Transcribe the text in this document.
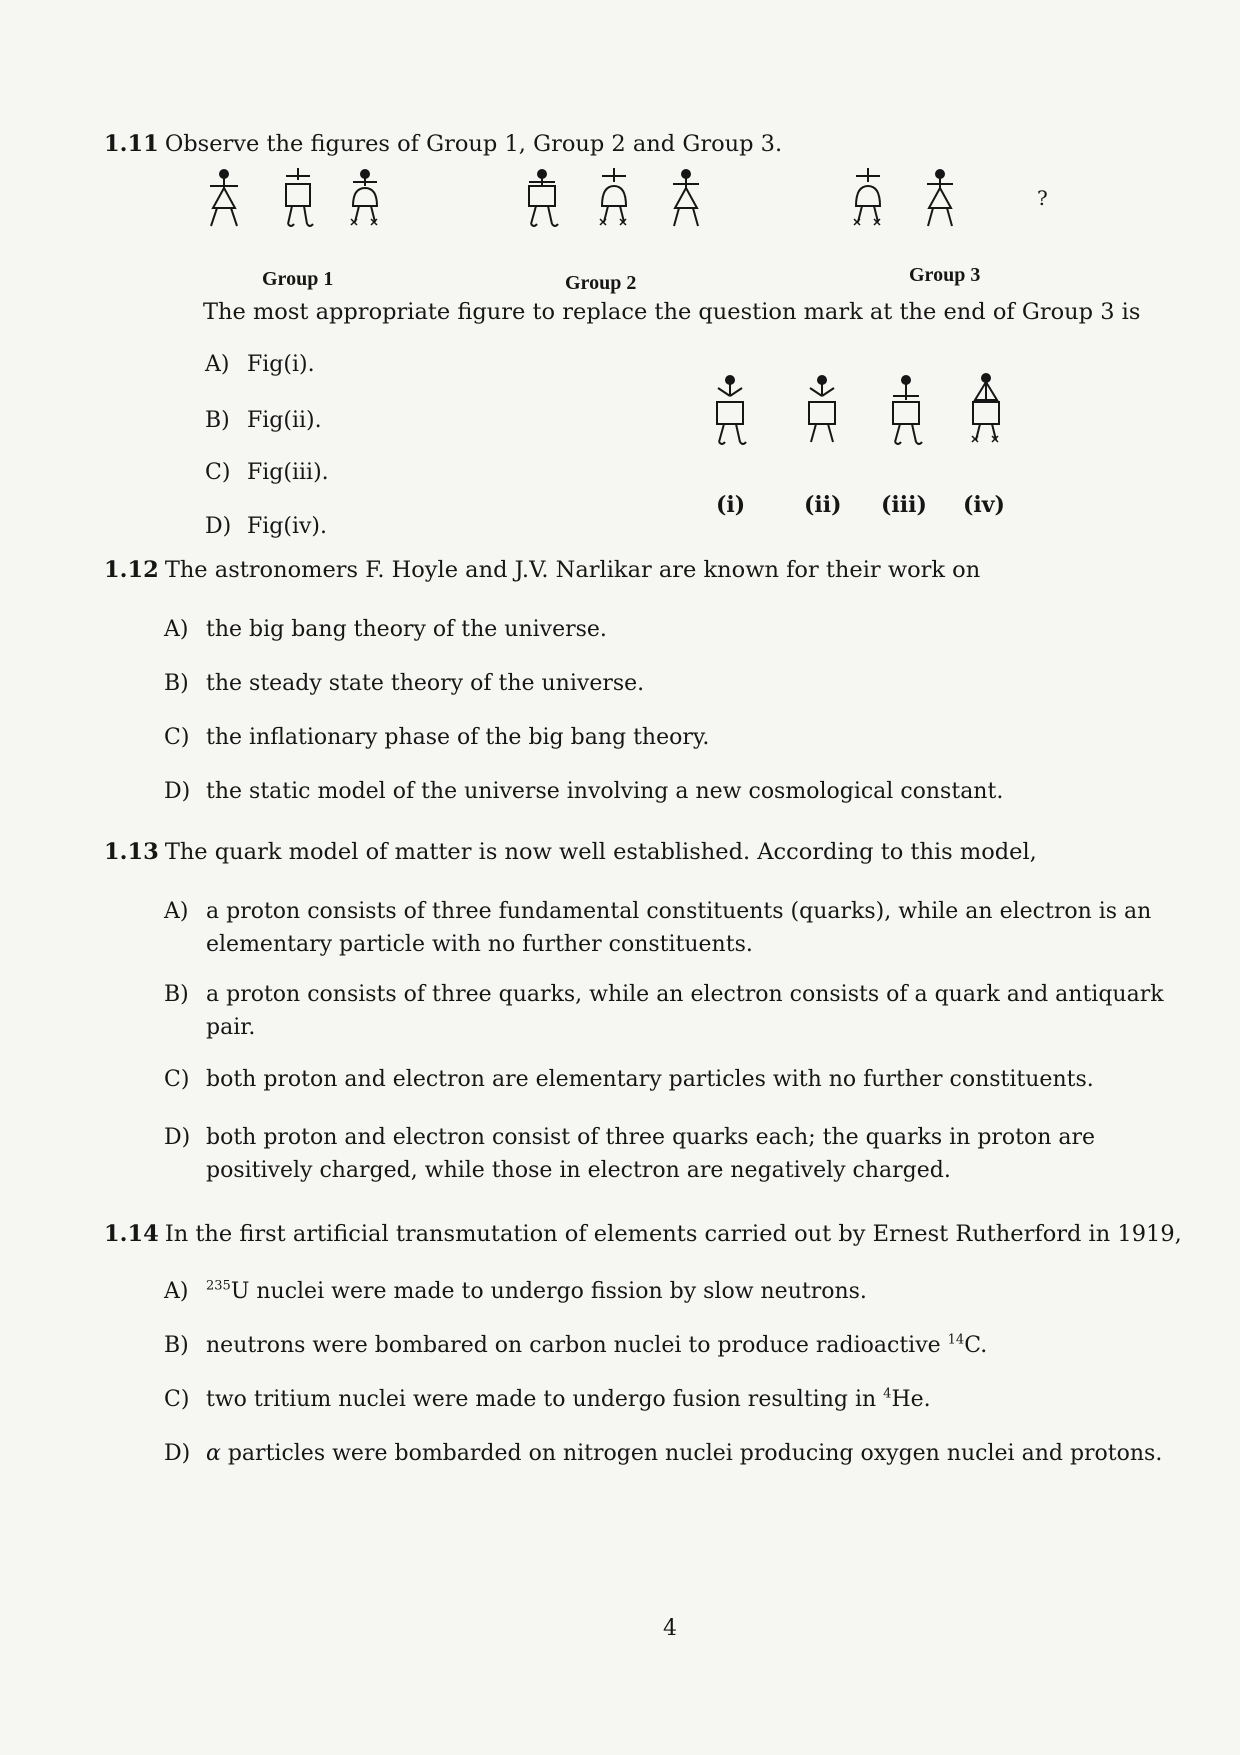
1.11 Observe the figures of Group 1, Group 2 and Group 3.
?
Group 1	Group 2	Group 3
The most appropriate figure to replace the question mark at the end of Group 3 is
A) Fig(i).
B) Fig(ii).
C) Fig(iii).
D) Fig(iv).
(i)	(ii) (iii) (iv)
1.12 The astronomers F. Hoyle and J.V. Narlikar are known for their work on
A) the big bang theory of the universe.
B) the steady state theory of the universe.
C) the inflationary phase of the big bang theory.
D) the static model of the universe involving a new cosmological constant.
1.13 The quark model of matter is now well established. According to this model,
A) a proton consists of three fundamental constituents (quarks), while an electron is an elementary particle with no further constituents.
B) a proton consists of three quarks, while an electron consists of a quark and antiquark pair.
C) both proton and electron are elementary particles with no further constituents.
D) both proton and electron consist of three quarks each; the quarks in proton are positively charged, while those in electron are negatively charged.
1.14 In the first artificial transmutation of elements carried out by Ernest Rutherford in 1919,
A) $^{235}$U nuclei were made to undergo fission by slow neutrons.
B) neutrons were bombared on carbon nuclei to produce radioactive $^{14}$C.
C) two tritium nuclei were made to undergo fusion resulting in $^4$He.
D) α particles were bombarded on nitrogen nuclei producing oxygen nuclei and protons.
4
